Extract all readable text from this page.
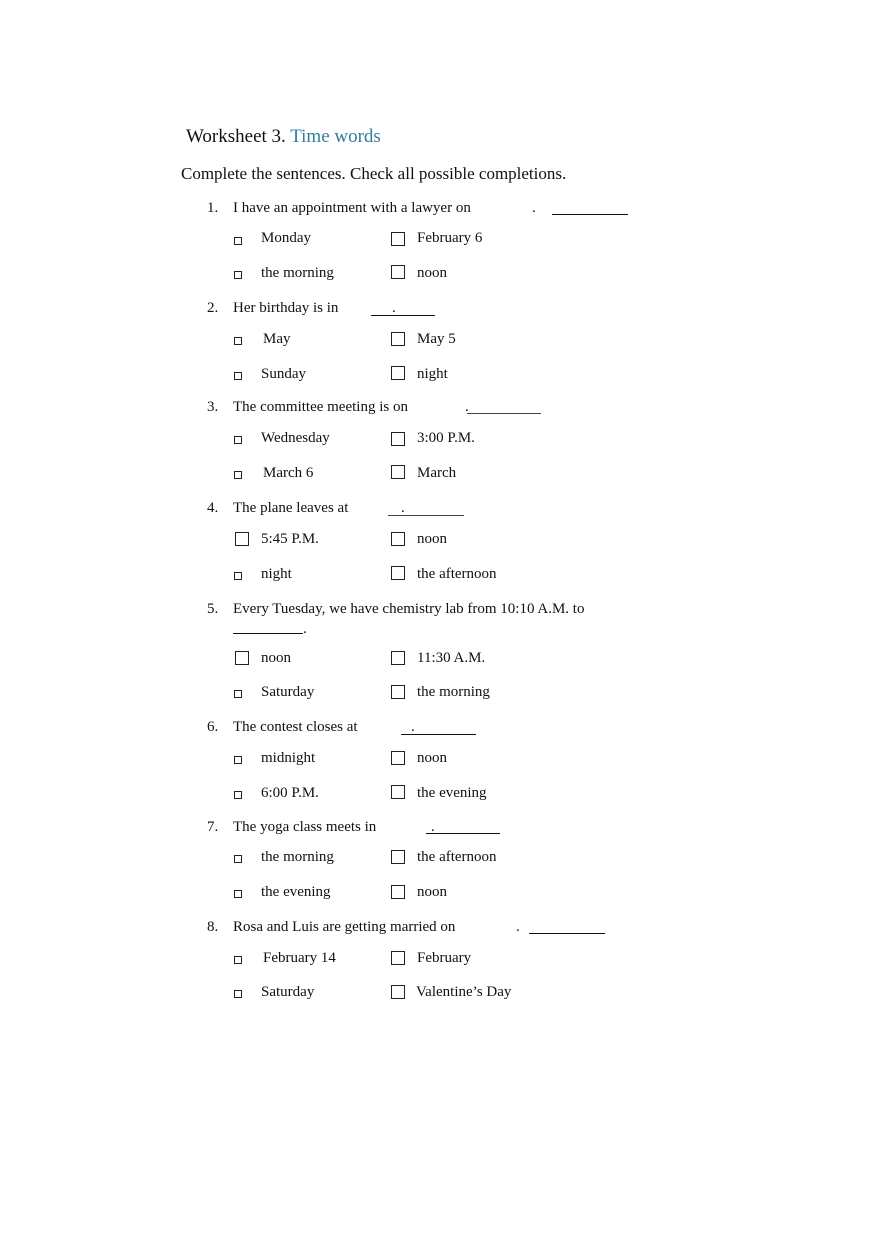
Worksheet 3. Time words
Complete the sentences. Check all possible completions.
1. I have an appointment with a lawyer on	.
Monday	February 6
the morning	noon
2. Her birthday is in	.
May	May 5
Sunday	night
3. The committee meeting is on	.
Wednesday	3:00 P.M.
March 6	March
4. The plane leaves at	.
5:45 P.M.	noon
night	the afternoon
5. Every Tuesday, we have chemistry lab from 10:10 A.M. to
.
noon	11:30 A.M.
Saturday	the morning
6. The contest closes at	.
midnight	noon
6:00 P.M.	the evening
7. The yoga class meets in	.
the morning	the afternoon
the evening	noon
8. Rosa and Luis are getting married on	.
February 14	February
Saturday	Valentine’s Day
